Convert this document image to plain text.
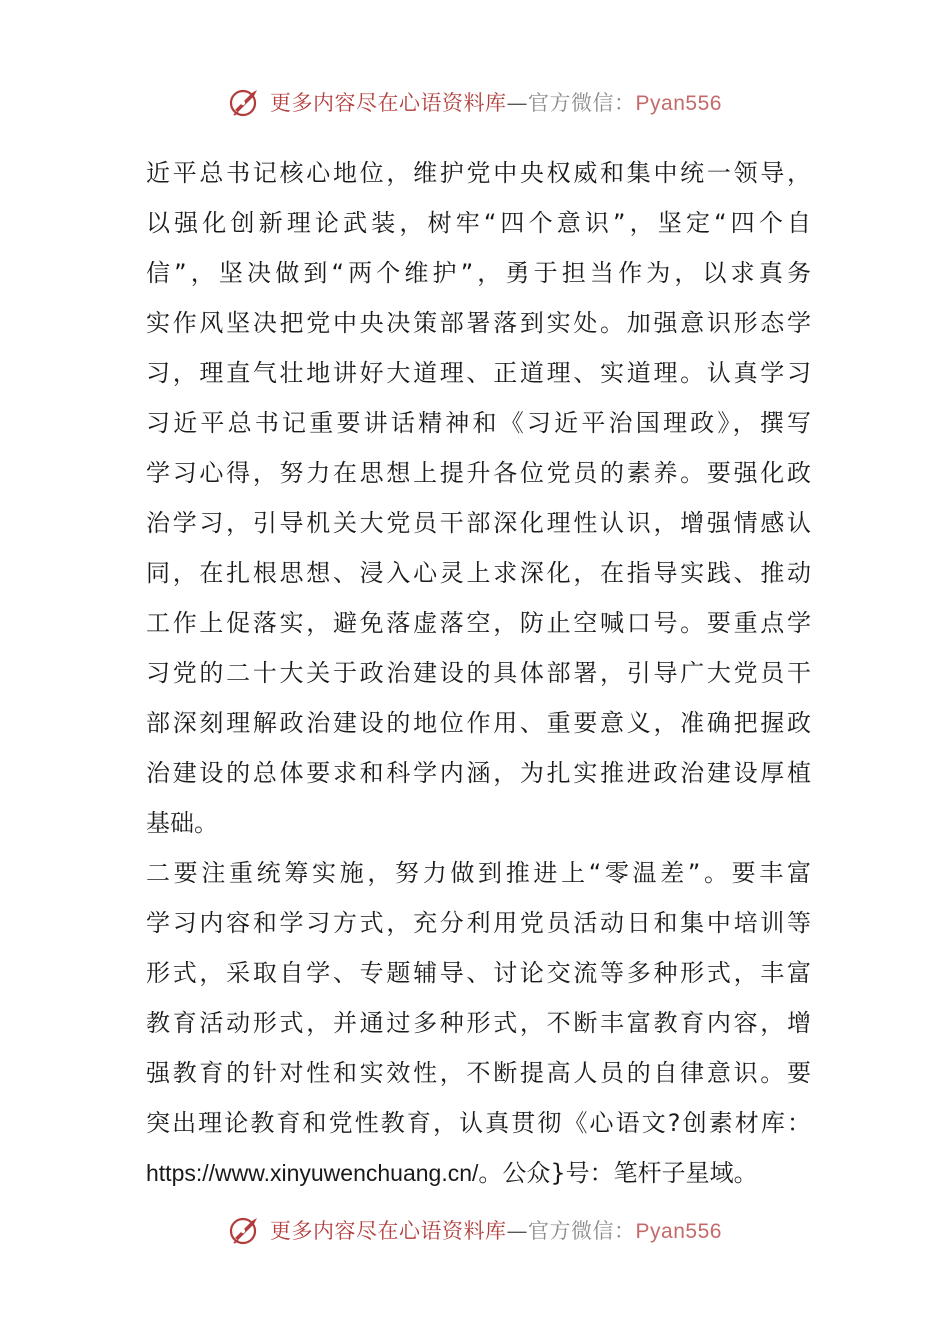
更多内容尽在心语资料库—官方微信：Pyan556
近平总书记核心地位，维护党中央权威和集中统一领导，
以强化创新理论武装，树牢“四个意识”，坚定“四个自
信”，坚决做到“两个维护”，勇于担当作为，以求真务
实作风坚决把党中央决策部署落到实处。加强意识形态学
习，理直气壮地讲好大道理、正道理、实道理。认真学习
习近平总书记重要讲话精神和《习近平治国理政》，撰写
学习心得，努力在思想上提升各位党员的素养。要强化政
治学习，引导机关大党员干部深化理性认识，增强情感认
同，在扎根思想、浸入心灵上求深化，在指导实践、推动
工作上促落实，避免落虚落空，防止空喊口号。要重点学
习党的二十大关于政治建设的具体部署，引导广大党员干
部深刻理解政治建设的地位作用、重要意义，准确把握政
治建设的总体要求和科学内涵，为扎实推进政治建设厚植
基础。
二要注重统筹实施，努力做到推进上“零温差”。要丰富
学习内容和学习方式，充分利用党员活动日和集中培训等
形式，采取自学、专题辅导、讨论交流等多种形式，丰富
教育活动形式，并通过多种形式，不断丰富教育内容，增
强教育的针对性和实效性，不断提高人员的自律意识。要
突出理论教育和党性教育，认真贯彻《心语文?创素材库：
https://www.xinyuwenchuang.cn/。公众}号：笔杆子星域。
更多内容尽在心语资料库—官方微信：Pyan556
